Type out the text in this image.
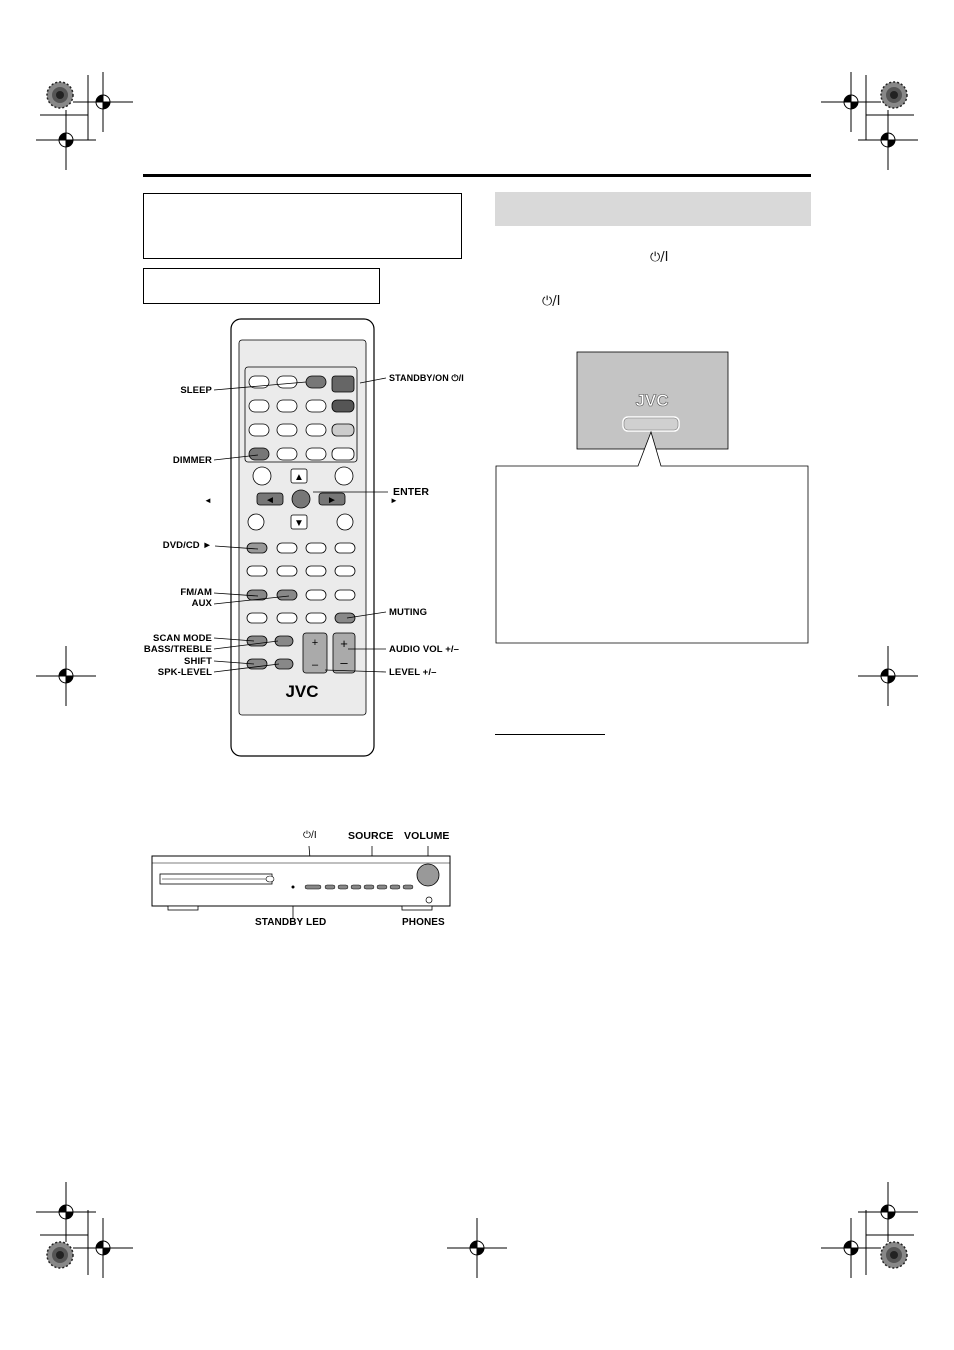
⏻/I
⏻/I
▲
▼
◄	►
+
–
+
–
JVC
SLEEP
DIMMER
DVD/CD ►
FM/AM
AUX
SCAN MODE
BASS/TREBLE
SHIFT
SPK-LEVEL
STANDBY/ON ⏻/I
ENTER
MUTING
AUDIO VOL +/–
LEVEL +/–
◄	►
JVC
⏻/I	SOURCE VOLUME
STANDBY LED	PHONES
